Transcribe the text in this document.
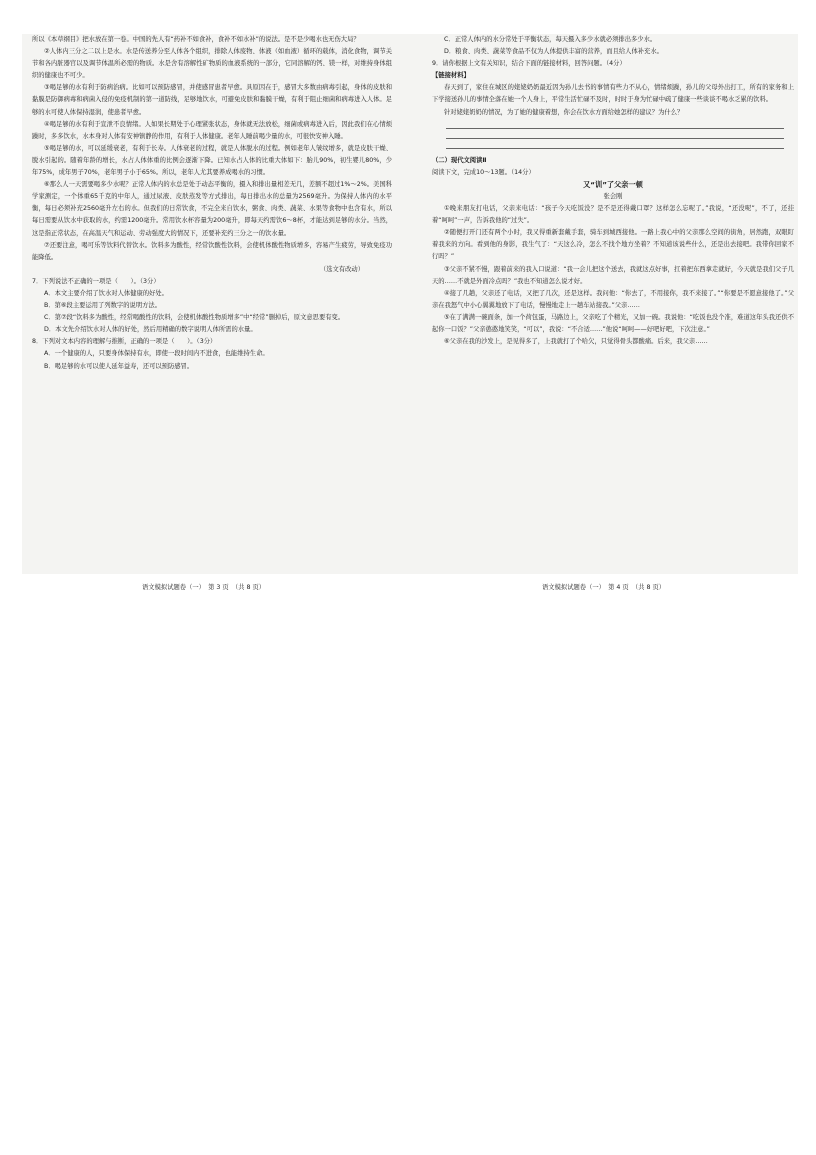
所以《本草纲目》把水放在第一卷。中国的先人有“药补不如食补，食补不如水补”的说法。是不是少喝水也无伤大局？

②人体内三分之二以上是水。水是传送养分至人体各个组织，排除人体废物、体液（如血液）循环的载体，消化食物，调节关节和各内脏器官以及调节体温所必需的物质。水是舍有溶解性矿物质的血液系统的一部分，它同溶解的钙、镁一样，对维持身体组织的健康也不可少。

③喝足够的水有利于防病治病。比如可以预防感冒，并使感冒患者早愈。具原因在于，感冒大多数由病毒引起，身体的皮肤和黏膜是防御病毒和病菌入侵的免疫机制的第一道防线，足够地饮水，可避免皮肤和黏膜干燥，有利于阻止细菌和病毒进入人体。足够的水可使人体保持湿润，使患者早愈。

④喝足够的水有利于宣泄不良情绪。人如果长期处于心理紧张状态，身体就无法放松，细菌或病毒进入后，因此我们在心情烦躁时，多多饮水，水本身对人体有安神镇静的作用，有利于人体健康。老年人睡前喝少量的水，可很快安神入睡。

⑤喝足够的水，可以延缓衰老，有利于长寿。人体衰老的过程，就是人体脱水的过程。例如老年人皱纹增多，就是皮肤干燥、脱水引起的。随着年龄的增长，水占人体体重的比例会逐渐下降。已知水占人体的比重大体如下：胎儿90%，初生婴儿80%，少年75%，成年男子70%，老年男子小于65%。所以，老年人尤其要养成喝水的习惯。

⑥那么人一天需要喝多少水呢？正常人体内的水总是处于动态平衡的，摄入和排出量相差无几，差额不超过1%～2%。美国科学家测定，一个体重65千克的中年人，通过尿液、皮肤蒸发等方式排出，每日排出水的总量为2569毫升。为保持人体内的水平衡，每日必须补充2560毫升左右的水。但我们的日常饮食，不完全来自饮水，粥食、肉类、蔬菜、水果等食物中也含有水，所以每日需要从饮水中获取的水，约需1200毫升。常用饮水杯容量为200毫升，即每天约需饮6～8杯，才能达到足够的水分。当然，这是指正常状态，在高温天气和运动、劳动强度大的情况下，还要补充约三分之一的饮水量。

⑦还要注意，喝可乐等饮料代替饮水。饮料多为酸性，经常饮酸性饮料，会使机体酸性物质增多，容易产生疲劳，导致免疫功能降低。

（选文有改动）

7．下列说法不正确的一项是（　　）。（3分）

A．本文主要介绍了饮水对人体健康的好处。

B．第⑥段主要运用了列数字的说明方法。

C．第⑦段“饮料多为酸性，经常喝酸性的饮料，会使机体酸性物质增多”中“经常”删掉后，原文意思要有变。

D．本文先介绍饮水对人体的好处，然后用精确的数字说明人体所需的水量。

8．下列对文本内容的理解与推断，正确的一项是（　　）。（3分）

A．一个健康的人，只要身体保持有水，即使一段时间内不进食，也能维持生命。

B．喝足够的水可以使人延年益寿，还可以预防感冒。

C．正常人体内的水分常处于平衡状态，每天摄入多少水就必须排出多少水。

D．粮食、肉类、蔬菜等食品不仅为人体提供丰富的营养，而且给人体补充水。

9．请你根据上文有关知识，结合下面的链接材料，回答问题。（4分）

【链接材料】

春天到了，家住在城区的姥姥奶奶最近因为孙儿去书的事情有些力不从心，情绪烦躁，孙儿的父母外出打工，所有的家务和上下学接送孙儿的事情全落在她一个人身上，平常生活忙碌不及时，时时于身为忙碌中疏了健康一些谈谈不喝水乏累的饮料。

针对姥姥奶奶的情况，为了她的健康着想，你会在饮水方面给她怎样的建议？为什么？

（二）现代文阅读Ⅱ

阅读下文，完成10～13题。（14分）

又“训”了父亲一顿

张会刚

①晚来朋友打电话，父亲来电话：“孩子今天吃饭没？是不是还得戴口罩？这样怎么忘呢了。”我说，“还没呢”，不了，还挂着“呵呵”一声，告诉我他的“过失”。

②随便打开门还有两个小时，我又得重新套戴手套，骑车到城西接他。一路上我心中的父亲那么空间的街角，居然跑，双眼盯着我来的方向。看到他的身影，我生气了：“天这么冷，怎么不找个地方坐着？不知道该说些什么，还是出去接吧。我带你回家不行吗？”

③父亲不紧不慢，跟着前来的我入口说道：“我一会儿把这个送去，我就这点好事，扛着把东西拿走就好，今天就是我们父子几天的……不就是外面冷点吗？”我也不知道怎么说才好。

④接了几趟，父亲还了电话，又把了几次，还是这样。我问他：“你去了，不用接你，我不来接了。”“你要是不愿意接他了。”父亲在我怒气中小心翼翼地放下了电话，慢慢地走上一趟车站接我。”父亲……

⑤在了满满一碗面条，加一个荷包蛋，马路边上，父亲吃了个精光，又加一碗。我说他：“吃饭也没个准，难道这年头我还供不起你一口饭？”父亲憨憨地笑笑，“可以”，我说：“不合适……”他说“呵呵——好吧好吧，下次注意。”

⑥父亲在我的沙发上，是见得多了，上我就打了个哈欠，只觉得骨头都酸痛。后来，我父亲……

语文模拟试题卷（一）　第 3 页　（共 8 页）	语文模拟试题卷（一）　第 4 页　（共 8 页）
